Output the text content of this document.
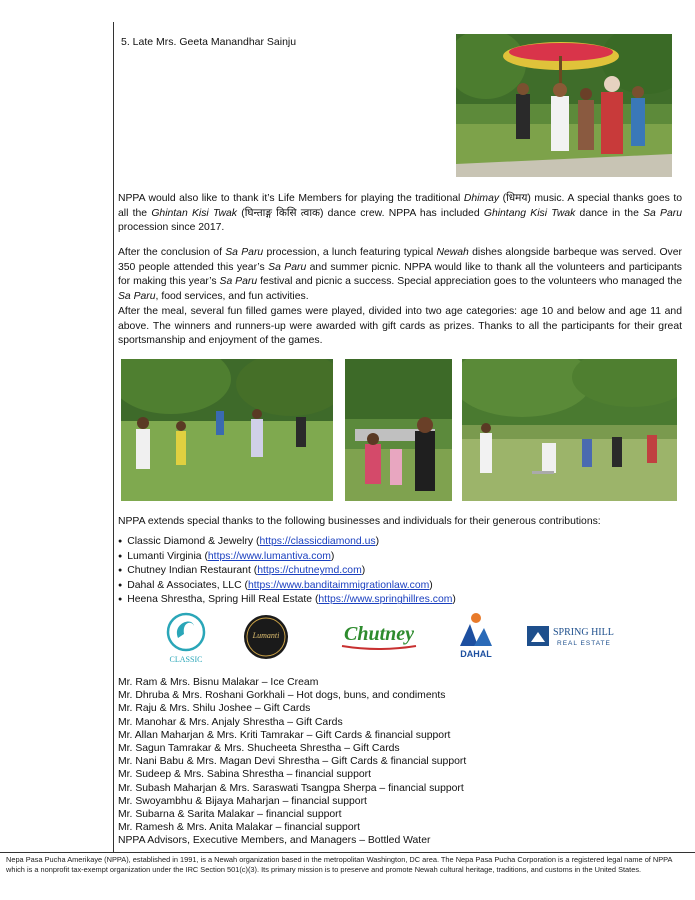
5. Late Mrs. Geeta Manandhar Sainju

NPPA would also like to thank it’s Life Members for playing the traditional Dhimay (धिमय) music. A special thanks goes to all the Ghintan Kisi Twak (घिन्ताङ्ग किसि त्वाक) dance crew. NPPA has included Ghintang Kisi Twak dance in the Sa Paru procession since 2017.

After the conclusion of Sa Paru procession, a lunch featuring typical Newah dishes alongside barbeque was served. Over 350 people attended this year’s Sa Paru and summer picnic. NPPA would like to thank all the volunteers and participants for making this year’s Sa Paru festival and picnic a success. Special appreciation goes to the volunteers who managed the Sa Paru, food services, and fun activities.

After the meal, several fun filled games were played, divided into two age categories: age 10 and below and age 11 and above. The winners and runners-up were awarded with gift cards as prizes. Thanks to all the participants for their great sportsmanship and enjoyment of the games.

NPPA extends special thanks to the following businesses and individuals for their generous contributions:
● Classic Diamond & Jewelry (https://classicdiamond.us)
● Lumanti Virginia (https://www.lumantiva.com)
● Chutney Indian Restaurant (https://chutneymd.com)
● Dahal & Associates, LLC (https://www.banditaimmigrationlaw.com)
● Heena Shrestha, Spring Hill Real Estate (https://www.springhillres.com)
CLASSIC
Lumanti	Chutney
DAHAL
SPRING HILL
REAL ESTATE
Mr. Ram & Mrs. Bisnu Malakar – Ice Cream
Mr. Dhruba & Mrs. Roshani Gorkhali – Hot dogs, buns, and condiments
Mr. Raju & Mrs. Shilu Joshee – Gift Cards
Mr. Manohar & Mrs. Anjaly Shrestha – Gift Cards
Mr. Allan Maharjan & Mrs. Kriti Tamrakar – Gift Cards & financial support
Mr. Sagun Tamrakar & Mrs. Shucheeta Shrestha – Gift Cards
Mr. Nani Babu & Mrs. Magan Devi Shrestha – Gift Cards & financial support
Mr. Sudeep & Mrs. Sabina Shrestha – financial support
Mr. Subash Maharjan & Mrs. Saraswati Tsangpa Sherpa – financial support
Mr. Swoyambhu & Bijaya Maharjan – financial support
Mr. Subarna & Sarita Malakar – financial support
Mr. Ramesh & Mrs. Anita Malakar – financial support
NPPA Advisors, Executive Members, and Managers – Bottled Water
Nepa Pasa Pucha Amerikaye (NPPA), established in 1991, is a Newah organization based in the metropolitan Washington, DC area. The Nepa Pasa Pucha Corporation is a registered legal name of NPPA which is a nonprofit tax-exempt organization under the IRC Section 501(c)(3). Its primary mission is to preserve and promote Newah cultural heritage, traditions, and customs in the United States.
